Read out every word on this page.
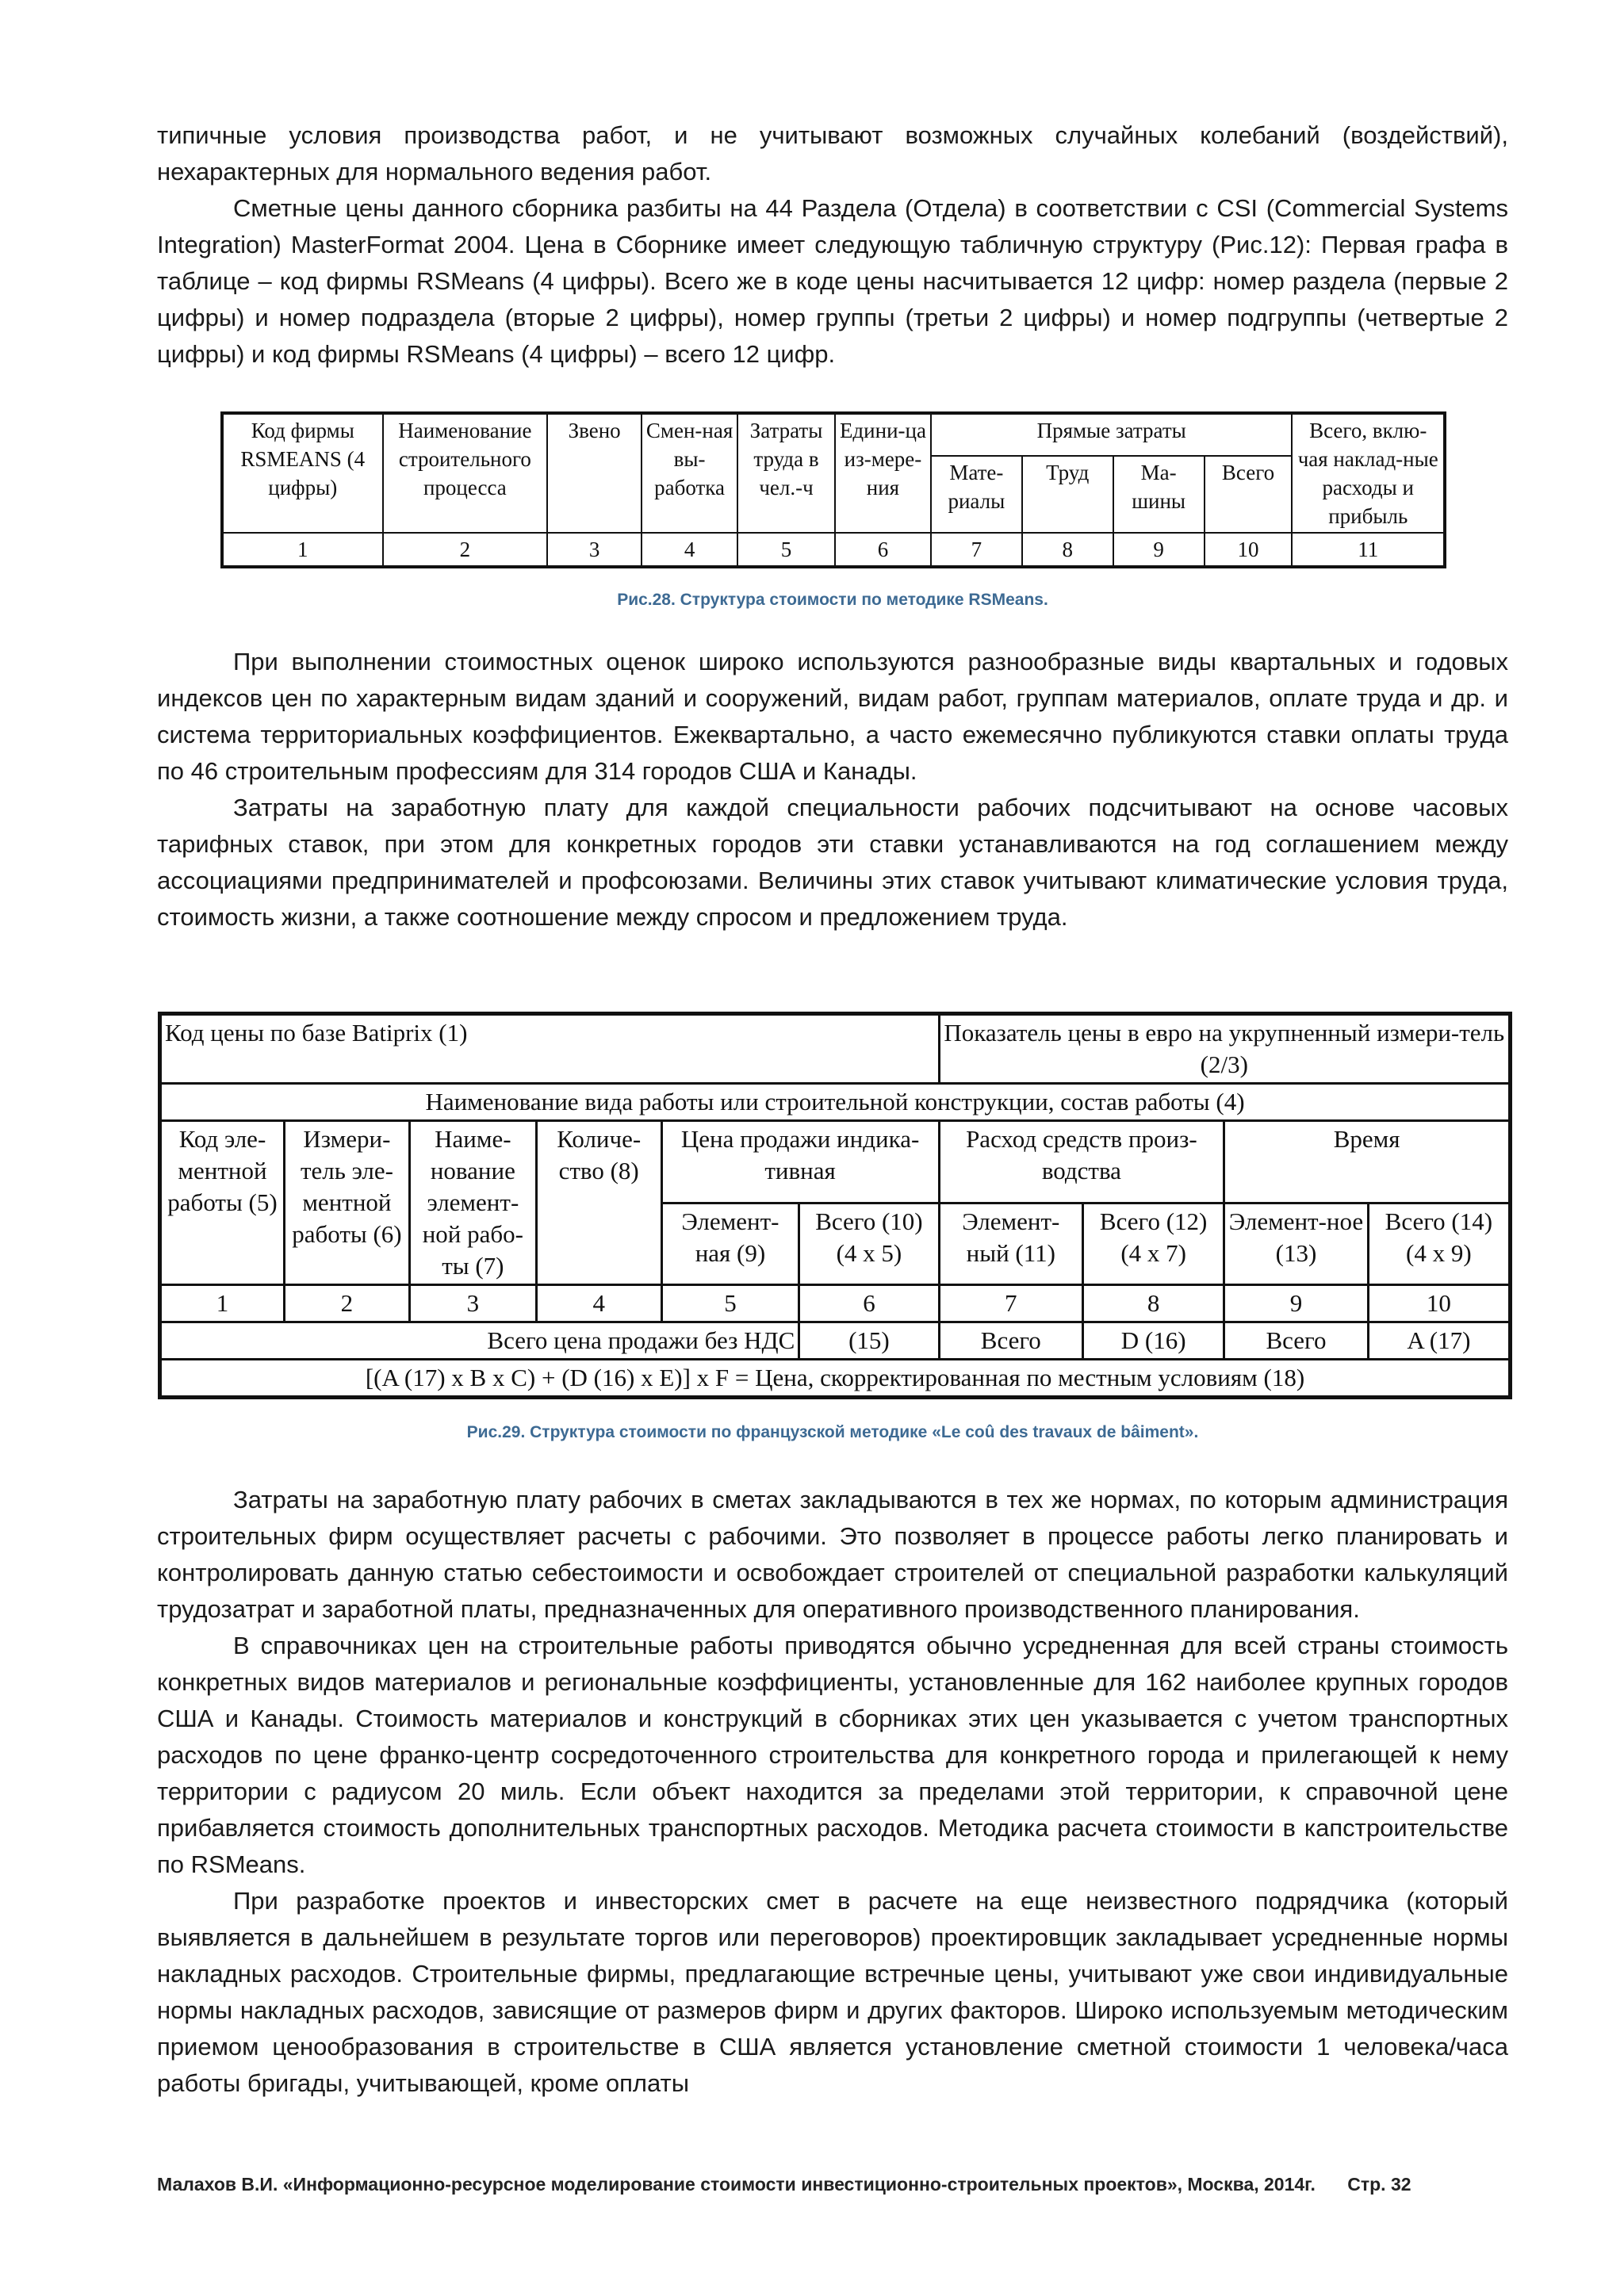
типичные условия производства работ, и не учитывают возможных случайных колебаний (воздействий), нехарактерных для нормального ведения работ.

Сметные цены данного сборника разбиты на 44 Раздела (Отдела) в соответствии с CSI (Commercial Systems Integration) MasterFormat 2004. Цена в Сборнике имеет следующую табличную структуру (Рис.12): Первая графа в таблице – код фирмы RSMeans (4 цифры). Всего же в коде цены насчитывается 12 цифр: номер раздела (первые 2 цифры) и номер подраздела (вторые 2 цифры), номер группы (третьи 2 цифры) и номер подгруппы (четвертые 2 цифры) и код фирмы RSMeans (4 цифры) – всего 12 цифр.

Код фирмы RSMEANS (4 цифры)	Наименование строительного процесса	Звено	Смен-ная вы-работка	Затраты труда в чел.-ч	Едини-ца из-мере-ния	Прямые затраты				Всего, вклю-чая наклад-ные расходы и прибыль
						Мате-риалы	Труд	Ма-шины	Всего	
1	2	3	4	5	6	7	8	9	10	11

Рис.28. Структура стоимости по методике RSMeans.

При выполнении стоимостных оценок широко используются разнообразные виды квартальных и годовых индексов цен по характерным видам зданий и сооружений, видам работ, группам материалов, оплате труда и др. и система территориальных коэффициентов. Ежеквартально, а часто ежемесячно публикуются ставки оплаты труда по 46 строительным профессиям для 314 городов США и Канады.

Затраты на заработную плату для каждой специальности рабочих подсчитывают на основе часовых тарифных ставок, при этом для конкретных городов эти ставки устанавливаются на год соглашением между ассоциациями предпринимателей и профсоюзами. Величины этих ставок учитывают климатические условия труда, стоимость жизни, а также соотношение между спросом и предложением труда.

Код цены по базе Batiprix (1)						Показатель цены в евро на укрупненный измери-тель (2/3)			
Наименование вида работы или строительной конструкции, состав работы (4)									
Код эле-ментной работы (5)	Измери-тель эле-ментной работы (6)	Наиме-нование элемент-ной рабо-ты (7)	Количе-ство (8)	Цена продажи индика-тивная		Расход средств произ-водства		Время	
				Элемент-ная (9)	Всего (10) (4 x 5)	Элемент-ный (11)	Всего (12) (4 x 7)	Элемент-ное (13)	Всего (14) (4 x 9)
1	2	3	4	5	6	7	8	9	10
Всего цена продажи без НДС					(15)	Всего	D (16)	Всего	A (17)
[(A (17) x B x C) + (D (16) x E)] x F = Цена, скорректированная по местным условиям (18)									

Рис.29. Структура стоимости по французской методике «Le coû des travaux de bâiment».

Затраты на заработную плату рабочих в сметах закладываются в тех же нормах, по которым администрация строительных фирм осуществляет расчеты с рабочими. Это позволяет в процессе работы легко планировать и контролировать данную статью себестоимости и освобождает строителей от специальной разработки калькуляций трудозатрат и заработной платы, предназначенных для оперативного производственного планирования.

В справочниках цен на строительные работы приводятся обычно усредненная для всей страны стоимость конкретных видов материалов и региональные коэффициенты, установленные для 162 наиболее крупных городов США и Канады. Стоимость материалов и конструкций в сборниках этих цен указывается с учетом транспортных расходов по цене франко-центр сосредоточенного строительства для конкретного города и прилегающей к нему территории с радиусом 20 миль. Если объект находится за пределами этой территории, к справочной цене прибавляется стоимость дополнительных транспортных расходов. Методика расчета стоимости в капстроительстве по RSMeans.

При разработке проектов и инвесторских смет в расчете на еще неизвестного подрядчика (который выявляется в дальнейшем в результате торгов или переговоров) проектировщик закладывает усредненные нормы накладных расходов. Строительные фирмы, предлагающие встречные цены, учитывают уже свои индивидуальные нормы накладных расходов, зависящие от размеров фирм и других факторов. Широко используемым методическим приемом ценообразования в строительстве в США является установление сметной стоимости 1 человека/часа работы бригады, учитывающей, кроме оплаты

Малахов В.И. «Информационно-ресурсное моделирование стоимости инвестиционно-строительных проектов», Москва, 2014г. Стр. 32
